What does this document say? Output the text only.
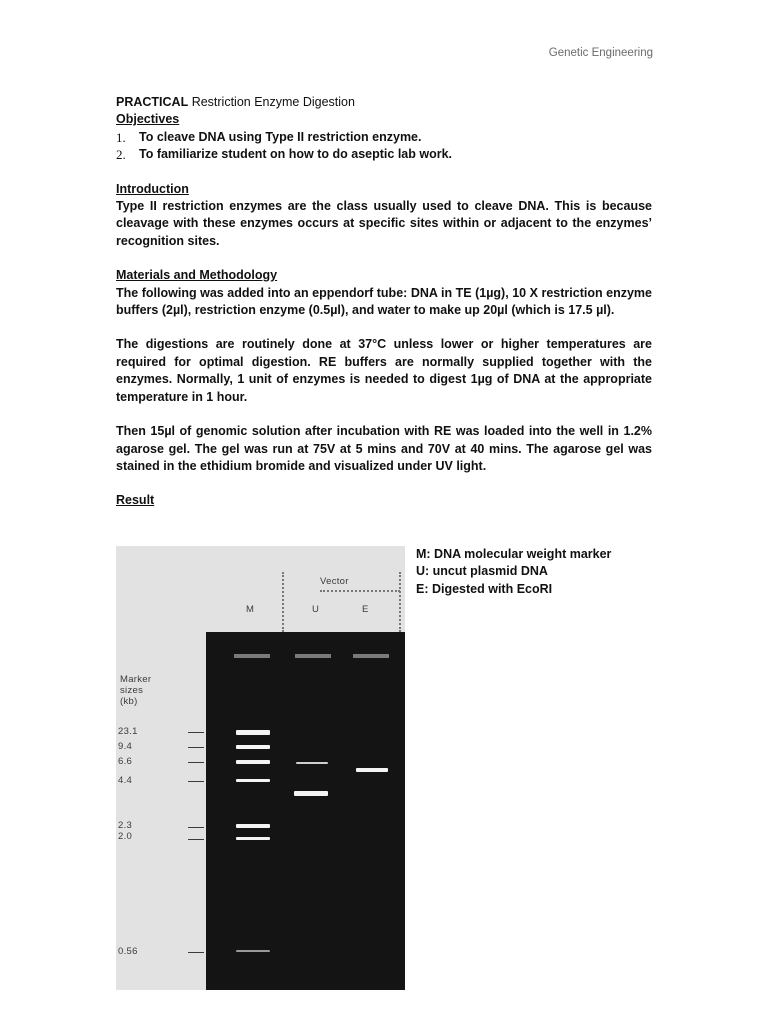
Genetic Engineering

PRACTICAL Restriction Enzyme Digestion

Objectives

1.	To cleave DNA using Type II restriction enzyme.
2.	To familiarize student on how to do aseptic lab work.

Introduction

Type II restriction enzymes are the class usually used to cleave DNA. This is because cleavage with these enzymes occurs at specific sites within or adjacent to the enzymes’ recognition sites.

Materials and Methodology

The following was added into an eppendorf tube: DNA in TE (1µg), 10 X restriction enzyme buffers (2µl), restriction enzyme (0.5µl), and water to make up 20µl (which is 17.5 µl).

The digestions are routinely done at 37°C unless lower or higher temperatures are required for optimal digestion. RE buffers are normally supplied together with the enzymes. Normally, 1 unit of enzymes is needed to digest 1µg of DNA at the appropriate temperature in 1 hour.

Then 15µl of genomic solution after incubation with RE was loaded into the well in 1.2% agarose gel. The gel was run at 75V at 5 mins and 70V at 40 mins. The agarose gel was stained in the ethidium bromide and visualized under UV light.

Result

Vector
M	U	E
Marker
sizes
(kb)
23.1
9.4
6.6
4.4
2.3
2.0
0.56
M: DNA molecular weight marker
U: uncut plasmid DNA
E: Digested with EcoRI
